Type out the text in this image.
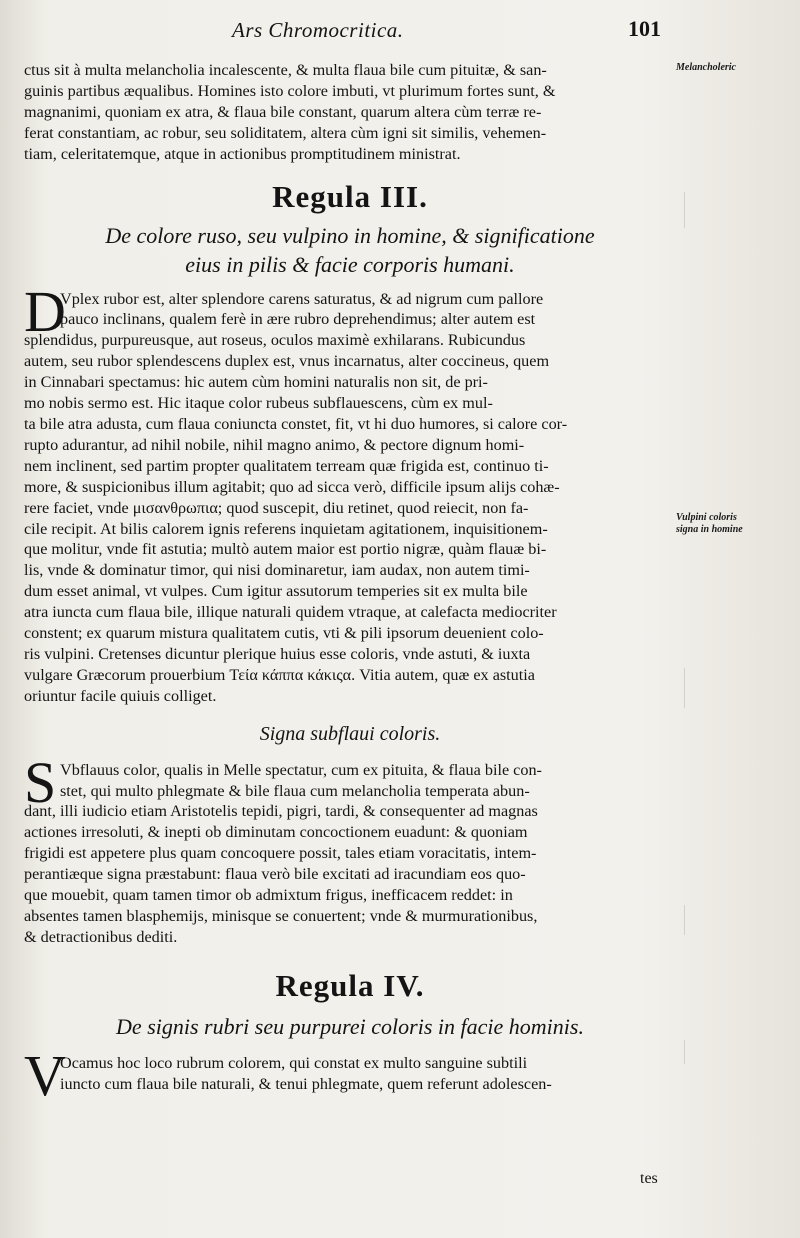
Ars Chromocritica.	101
Melancholeric
Vulpini coloris
signa in homine
ctus sit à multa melancholia incalescente, & multa flaua bile cum pituitæ, & san-
guinis partibus æqualibus. Homines isto colore imbuti, vt plurimum fortes sunt, &
magnanimi, quoniam ex atra, & flaua bile constant, quarum altera cùm terræ re-
ferat constantiam, ac robur, seu soliditatem, altera cùm igni sit similis, vehemen-
tiam, celeritatemque, atque in actionibus promptitudinem ministrat.
Regula III.

De colore ruso, seu vulpino in homine, & significatione
eius in pilis & facie corporis humani.

D
Vplex rubor est, alter splendore carens saturatus, & ad nigrum cum pallore
pauco inclinans, qualem ferè in ære rubro deprehendimus; alter autem est
splendidus, purpureusque, aut roseus, oculos maximè exhilarans. Rubicundus
autem, seu rubor splendescens duplex est, vnus incarnatus, alter coccineus, quem
in Cinnabari spectamus: hic autem cùm homini naturalis non sit, de pri-
mo nobis sermo est. Hic itaque color rubeus subflauescens, cùm ex mul-
ta bile atra adusta, cum flaua coniuncta constet, fit, vt hi duo humores, si calore cor-
rupto adurantur, ad nihil nobile, nihil magno animo, & pectore dignum homi-
nem inclinent, sed partim propter qualitatem terream quæ frigida est, continuo ti-
more, & suspicionibus illum agitabit; quo ad sicca verò, difficile ipsum alijs cohæ-
rere faciet, vnde μισανθρωπια; quod suscepit, diu retinet, quod reiecit, non fa-
cile recipit. At bilis calorem ignis referens inquietam agitationem, inquisitionem-
que molitur, vnde fit astutia; multò autem maior est portio nigræ, quàm flauæ bi-
lis, vnde & dominatur timor, qui nisi dominaretur, iam audax, non autem timi-
dum esset animal, vt vulpes. Cum igitur assutorum temperies sit ex multa bile
atra iuncta cum flaua bile, illique naturali quidem vtraque, at calefacta mediocriter
constent; ex quarum mistura qualitatem cutis, vti & pili ipsorum deuenient colo-
ris vulpini. Cretenses dicuntur plerique huius esse coloris, vnde astuti, & iuxta
vulgare Græcorum prouerbium Τεία κάππα κάκιςα. Vitia autem, quæ ex astutia
oriuntur facile quiuis colliget.

Signa subflaui coloris.

S Vbflauus color, qualis in Melle spectatur, cum ex pituita, & flaua bile con-
stet, qui multo phlegmate & bile flaua cum melancholia temperata abun-
dant, illi iudicio etiam Aristotelis tepidi, pigri, tardi, & consequenter ad magnas
actiones irresoluti, & inepti ob diminutam concoctionem euadunt: & quoniam
frigidi est appetere plus quam concoquere possit, tales etiam voracitatis, intem-
perantiæque signa præstabunt: flaua verò bile excitati ad iracundiam eos quo-
que mouebit, quam tamen timor ob admixtum frigus, inefficacem reddet: in
absentes tamen blasphemijs, minisque se conuertent; vnde & murmurationibus,
& detractionibus dediti.
Regula IV.

De signis rubri seu purpurei coloris in facie hominis.

V
Ocamus hoc loco rubrum colorem, qui constat ex multo sanguine subtili
iuncto cum flaua bile naturali, & tenui phlegmate, quem referunt adolescen-
tes
